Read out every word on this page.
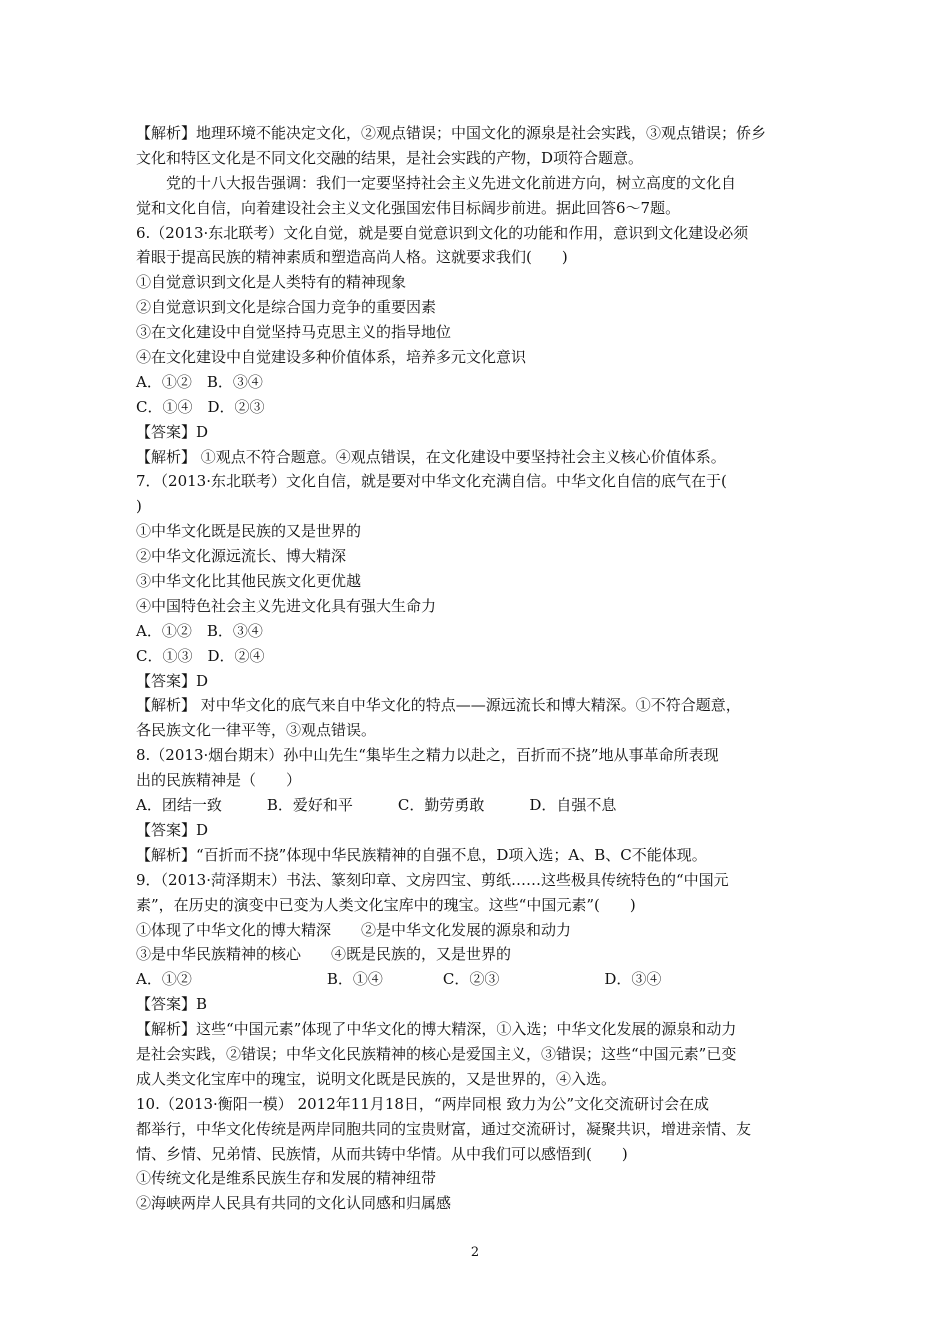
【解析】地理环境不能决定文化，②观点错误；中国文化的源泉是社会实践，③观点错误；侨乡
文化和特区文化是不同文化交融的结果，是社会实践的产物，D项符合题意。
党的十八大报告强调：我们一定要坚持社会主义先进文化前进方向，树立高度的文化自
觉和文化自信，向着建设社会主义文化强国宏伟目标阔步前进。据此回答6～7题。
6.（2013·东北联考）文化自觉，就是要自觉意识到文化的功能和作用，意识到文化建设必须
着眼于提高民族的精神素质和塑造高尚人格。这就要求我们(　　)
①自觉意识到文化是人类特有的精神现象
②自觉意识到文化是综合国力竞争的重要因素
③在文化建设中自觉坚持马克思主义的指导地位
④在文化建设中自觉建设多种价值体系，培养多元文化意识
A．①②　B．③④
C．①④　D．②③
【答案】D
【解析】 ①观点不符合题意。④观点错误，在文化建设中要坚持社会主义核心价值体系。
7．（2013·东北联考）文化自信，就是要对中华文化充满自信。中华文化自信的底气在于(
)
①中华文化既是民族的又是世界的
②中华文化源远流长、博大精深
③中华文化比其他民族文化更优越
④中国特色社会主义先进文化具有强大生命力
A．①②　B．③④
C．①③　D．②④
【答案】D
【解析】 对中华文化的底气来自中华文化的特点——源远流长和博大精深。①不符合题意，
各民族文化一律平等，③观点错误。
8.（2013·烟台期末）孙中山先生“集毕生之精力以赴之，百折而不挠”地从事革命所表现
出的民族精神是（　　）
A．团结一致　　　B．爱好和平　　　C．勤劳勇敢　　　D．自强不息
【答案】D
【解析】“百折而不挠”体现中华民族精神的自强不息，D项入选；A、B、C不能体现。
9．（2013·菏泽期末）书法、篆刻印章、文房四宝、剪纸……这些极具传统特色的“中国元
素”，在历史的演变中已变为人类文化宝库中的瑰宝。这些“中国元素”(　　)
①体现了中华文化的博大精深　　②是中华文化发展的源泉和动力
③是中华民族精神的核心　　④既是民族的，又是世界的
A．①②　　　　　　　　　B．①④　　　　C．②③　　　　　　　D．③④
【答案】B
【解析】这些“中国元素”体现了中华文化的博大精深，①入选；中华文化发展的源泉和动力
是社会实践，②错误；中华文化民族精神的核心是爱国主义，③错误；这些“中国元素”已变
成人类文化宝库中的瑰宝，说明文化既是民族的，又是世界的，④入选。
10.（2013·衡阳一模） 2012年11月18日，“两岸同根 致力为公”文化交流研讨会在成
都举行，中华文化传统是两岸同胞共同的宝贵财富，通过交流研讨，凝聚共识，增进亲情、友
情、乡情、兄弟情、民族情，从而共铸中华情。从中我们可以感悟到(　　)
①传统文化是维系民族生存和发展的精神纽带
②海峡两岸人民具有共同的文化认同感和归属感
2
